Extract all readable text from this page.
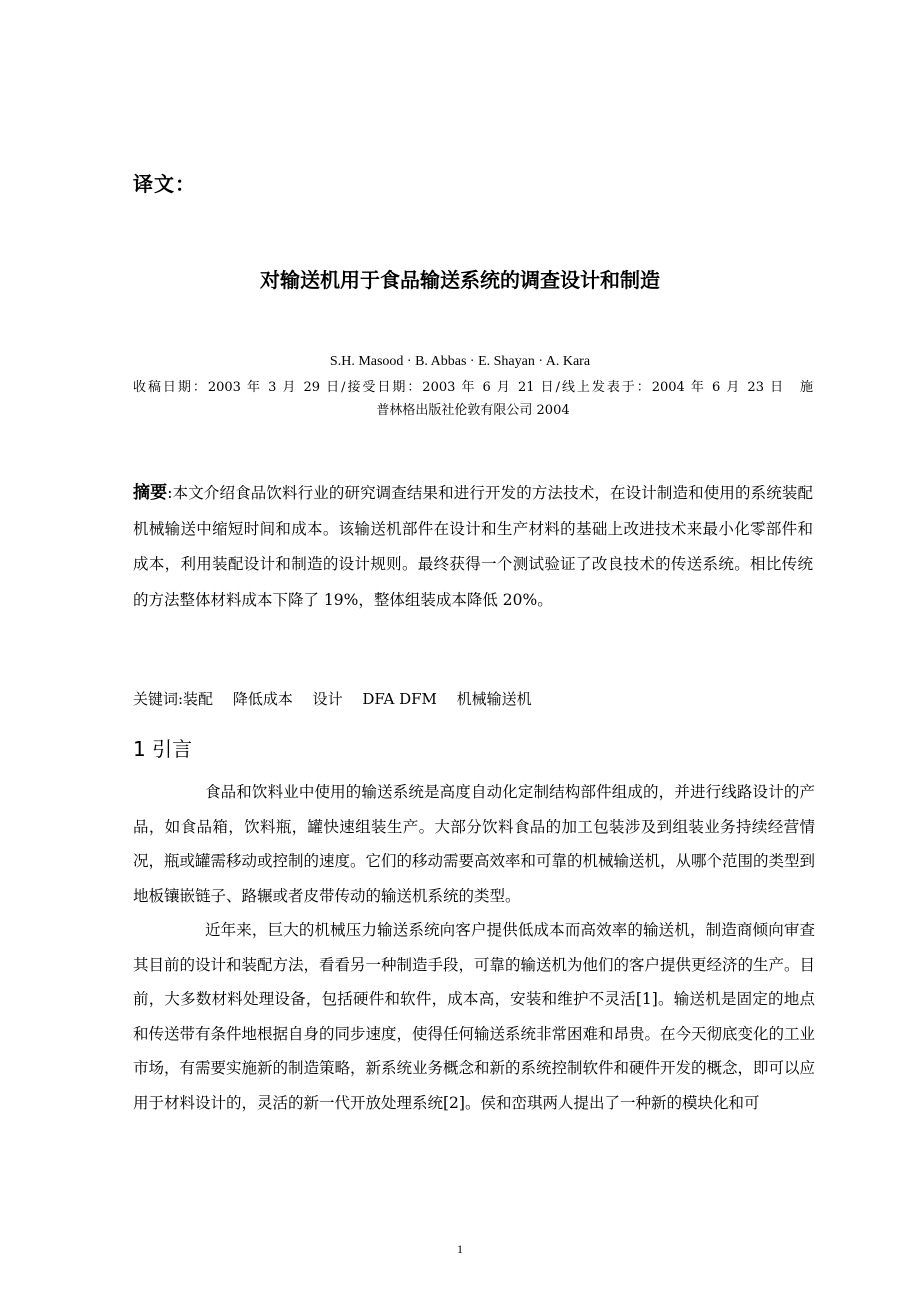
译文：
对输送机用于食品输送系统的调查设计和制造
S.H. Masood · B. Abbas · E. Shayan · A. Kara
收稿日期：2003 年 3 月 29 日/接受日期：2003 年 6 月 21 日/线上发表于：2004 年 6 月 23 日　施
普林格出版社伦敦有限公司 2004
摘要:本文介绍食品饮料行业的研究调查结果和进行开发的方法技术，在设计制造和使用的系统装配机械输送中缩短时间和成本。该输送机部件在设计和生产材料的基础上改进技术来最小化零部件和成本，利用装配设计和制造的设计规则。最终获得一个测试验证了改良技术的传送系统。相比传统的方法整体材料成本下降了 19%，整体组装成本降低 20%。
关键词:装配　 降低成本　 设计　 DFA DFM　 机械输送机
1 引言

食品和饮料业中使用的输送系统是高度自动化定制结构部件组成的，并进行线路设计的产品，如食品箱，饮料瓶，罐快速组装生产。大部分饮料食品的加工包装涉及到组装业务持续经营情况，瓶或罐需移动或控制的速度。它们的移动需要高效率和可靠的机械输送机，从哪个范围的类型到地板镶嵌链子、路辗或者皮带传动的输送机系统的类型。

近年来，巨大的机械压力输送系统向客户提供低成本而高效率的输送机，制造商倾向审查其目前的设计和装配方法，看看另一种制造手段，可靠的输送机为他们的客户提供更经济的生产。目前，大多数材料处理设备，包括硬件和软件，成本高，安装和维护不灵活[1]。输送机是固定的地点和传送带有条件地根据自身的同步速度，使得任何输送系统非常困难和昂贵。在今天彻底变化的工业市场，有需要实施新的制造策略，新系统业务概念和新的系统控制软件和硬件开发的概念，即可以应用于材料设计的，灵活的新一代开放处理系统[2]。侯和峦琪两人提出了一种新的模块化和可

1
